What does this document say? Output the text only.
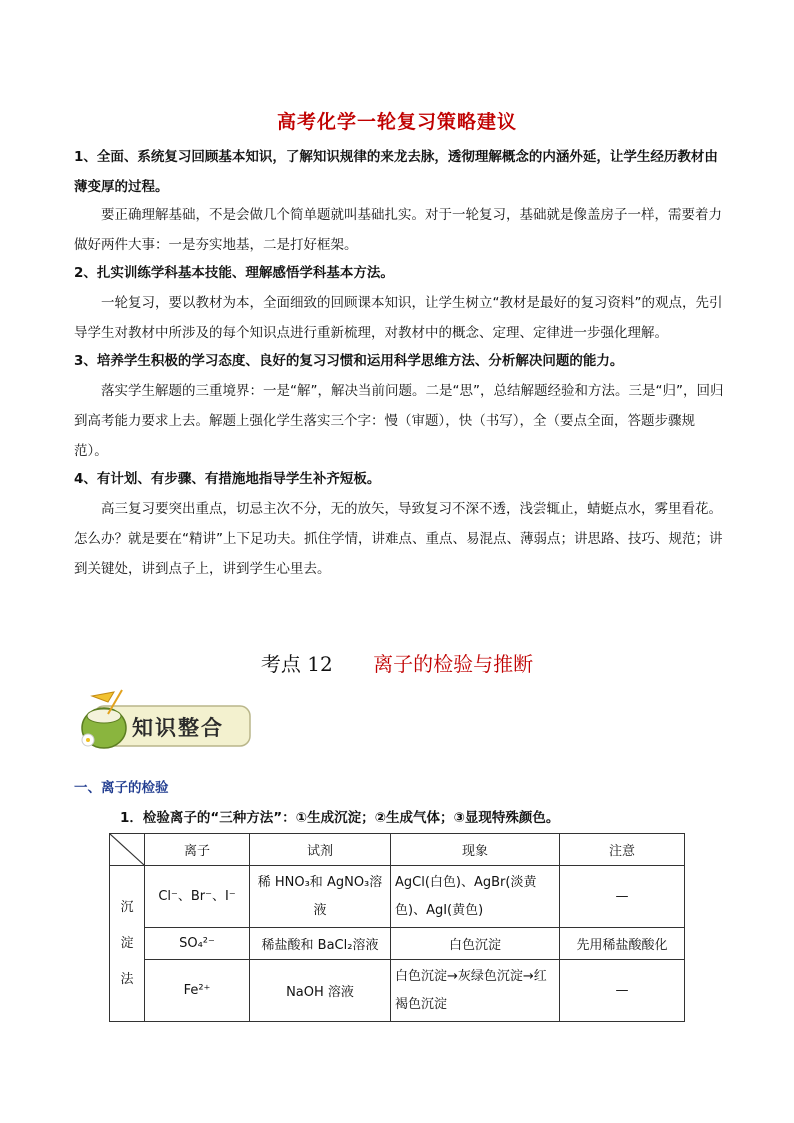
高考化学一轮复习策略建议
1、全面、系统复习回顾基本知识，了解知识规律的来龙去脉，透彻理解概念的内涵外延，让学生经历教材由薄变厚的过程。
要正确理解基础，不是会做几个简单题就叫基础扎实。对于一轮复习，基础就是像盖房子一样，需要着力做好两件大事：一是夯实地基，二是打好框架。
2、扎实训练学科基本技能、理解感悟学科基本方法。
一轮复习，要以教材为本，全面细致的回顾课本知识，让学生树立“教材是最好的复习资料”的观点，先引导学生对教材中所涉及的每个知识点进行重新梳理，对教材中的概念、定理、定律进一步强化理解。
3、培养学生积极的学习态度、良好的复习习惯和运用科学思维方法、分析解决问题的能力。
落实学生解题的三重境界：一是“解”，解决当前问题。二是“思”，总结解题经验和方法。三是“归”，回归到高考能力要求上去。解题上强化学生落实三个字：慢（审题），快（书写），全（要点全面，答题步骤规范）。
4、有计划、有步骤、有措施地指导学生补齐短板。
高三复习要突出重点，切忌主次不分，无的放矢，导致复习不深不透，浅尝辄止，蜻蜓点水，雾里看花。怎么办？就是要在“精讲”上下足功夫。抓住学情，讲难点、重点、易混点、薄弱点；讲思路、技巧、规范；讲到关键处，讲到点子上，讲到学生心里去。
考点 12 离子的检验与推断
知识整合
一、离子的检验
1．检验离子的“三种方法”：①生成沉淀；②生成气体；③显现特殊颜色。
	离子	试剂	现象	注意

沉
淀
法	Cl⁻、Br⁻、I⁻	稀 HNO₃和 AgNO₃溶液	AgCl(白色)、AgBr(淡黄色)、AgI(黄色)	—
	SO₄²⁻	稀盐酸和 BaCl₂溶液	白色沉淀	先用稀盐酸酸化
	Fe²⁺	NaOH 溶液	白色沉淀→灰绿色沉淀→红褐色沉淀	—
